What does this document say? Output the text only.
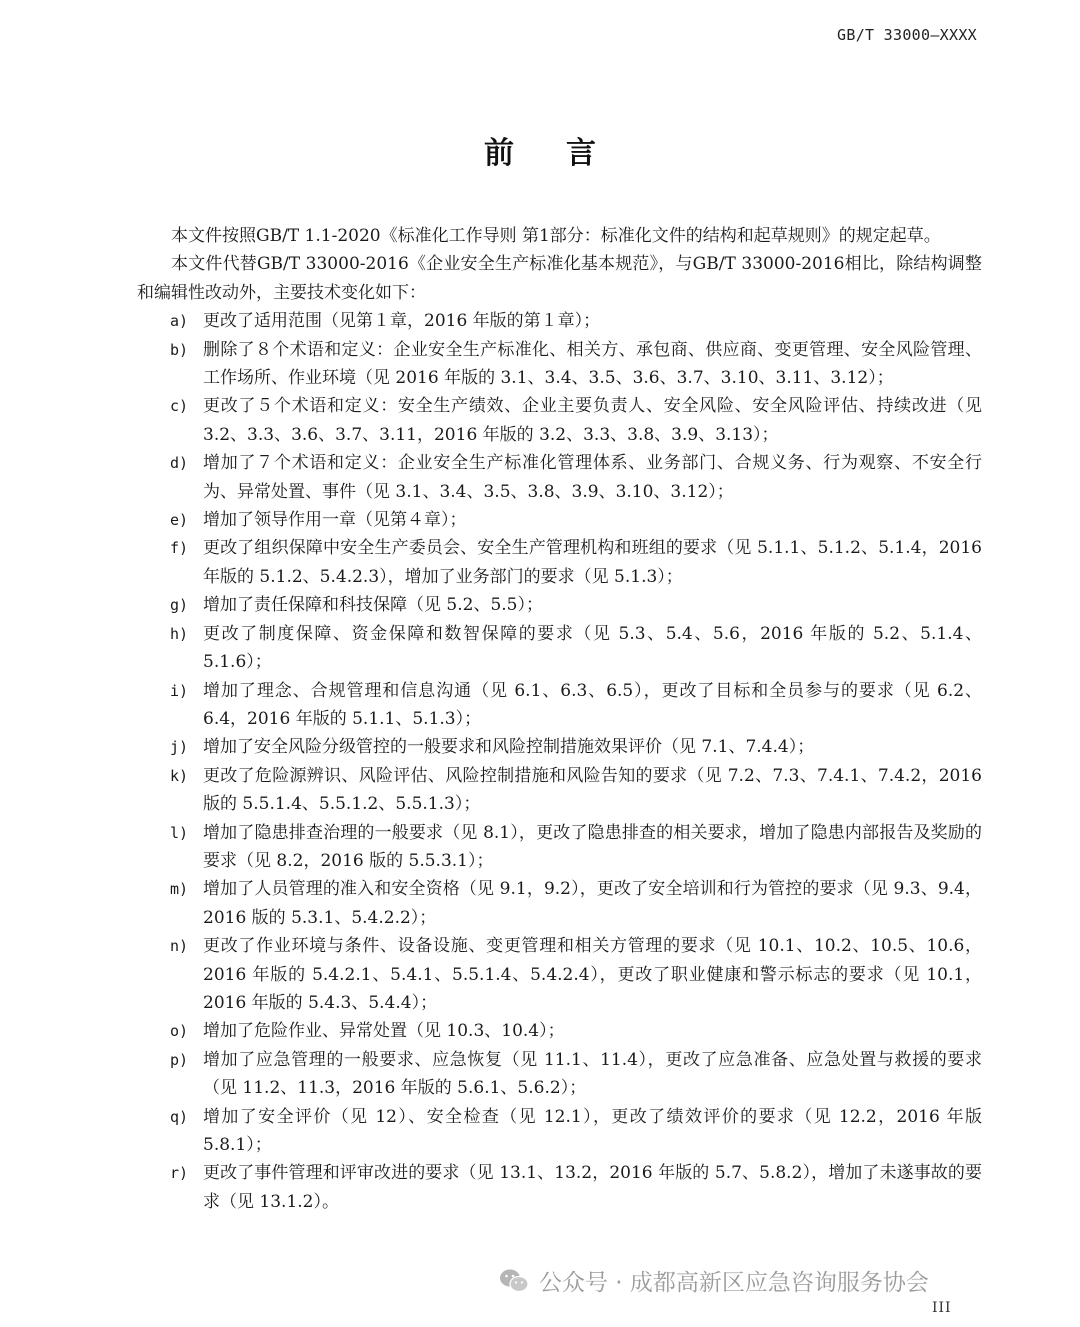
GB/T 33000—XXXX
前言

本文件按照GB/T 1.1-2020《标准化工作导则 第1部分：标准化文件的结构和起草规则》的规定起草。

本文件代替GB/T 33000-2016《企业安全生产标准化基本规范》，与GB/T 33000-2016相比，除结构调整和编辑性改动外，主要技术变化如下：

a) 更改了适用范围（见第１章，2016 年版的第１章）；
b) 删除了８个术语和定义：企业安全生产标准化、相关方、承包商、供应商、变更管理、安全风险管理、工作场所、作业环境（见 2016 年版的 3.1、3.4、3.5、3.6、3.7、3.10、3.11、3.12）；
c) 更改了５个术语和定义：安全生产绩效、企业主要负责人、安全风险、安全风险评估、持续改进（见 3.2、3.3、3.6、3.7、3.11，2016 年版的 3.2、3.3、3.8、3.9、3.13）；
d) 增加了７个术语和定义：企业安全生产标准化管理体系、业务部门、合规义务、行为观察、不安全行为、异常处置、事件（见 3.1、3.4、3.5、3.8、3.9、3.10、3.12）；
e) 增加了领导作用一章（见第４章）；
f) 更改了组织保障中安全生产委员会、安全生产管理机构和班组的要求（见 5.1.1、5.1.2、5.1.4，2016 年版的 5.1.2、5.4.2.3），增加了业务部门的要求（见 5.1.3）；
g) 增加了责任保障和科技保障（见 5.2、5.5）；
h) 更改了制度保障、资金保障和数智保障的要求（见 5.3、5.4、5.6，2016 年版的 5.2、5.1.4、5.1.6）；
i) 增加了理念、合规管理和信息沟通（见 6.1、6.3、6.5），更改了目标和全员参与的要求（见 6.2、6.4，2016 年版的 5.1.1、5.1.3）；
j) 增加了安全风险分级管控的一般要求和风险控制措施效果评价（见 7.1、7.4.4）；
k) 更改了危险源辨识、风险评估、风险控制措施和风险告知的要求（见 7.2、7.3、7.4.1、7.4.2，2016 版的 5.5.1.4、5.5.1.2、5.5.1.3）；
l) 增加了隐患排查治理的一般要求（见 8.1），更改了隐患排查的相关要求，增加了隐患内部报告及奖励的要求（见 8.2，2016 版的 5.5.3.1）；
m) 增加了人员管理的准入和安全资格（见 9.1，9.2），更改了安全培训和行为管控的要求（见 9.3、9.4，2016 版的 5.3.1、5.4.2.2）；
n) 更改了作业环境与条件、设备设施、变更管理和相关方管理的要求（见 10.1、10.2、10.5、10.6，2016 年版的 5.4.2.1、5.4.1、5.5.1.4、5.4.2.4），更改了职业健康和警示标志的要求（见 10.1，2016 年版的 5.4.3、5.4.4）；
o) 增加了危险作业、异常处置（见 10.3、10.4）；
p) 增加了应急管理的一般要求、应急恢复（见 11.1、11.4），更改了应急准备、应急处置与救援的要求（见 11.2、11.3，2016 年版的 5.6.1、5.6.2）；
q) 增加了安全评价（见 12）、安全检查（见 12.1），更改了绩效评价的要求（见 12.2，2016 年版 5.8.1）；
r) 更改了事件管理和评审改进的要求（见 13.1、13.2，2016 年版的 5.7、5.8.2），增加了未遂事故的要求（见 13.1.2）。
公众号 · 成都高新区应急咨询服务协会
III
